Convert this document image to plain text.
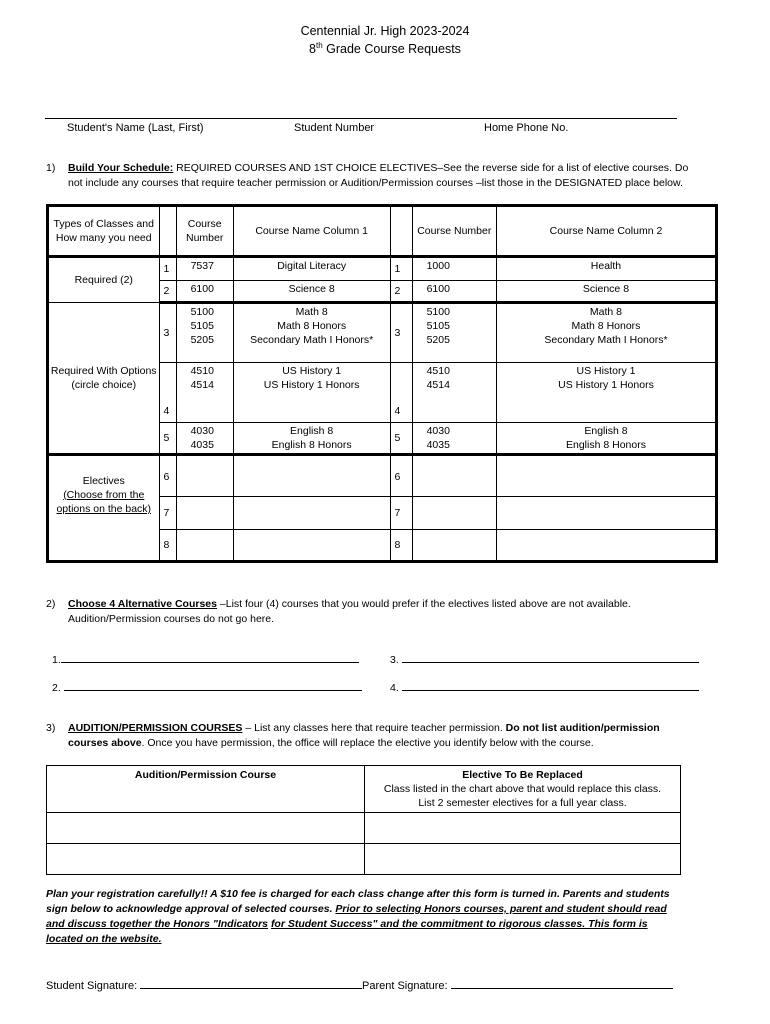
Centennial Jr. High 2023-2024
8th Grade Course Requests
Student's Name (Last, First)	Student Number	Home Phone No.
1) Build Your Schedule: REQUIRED COURSES AND 1ST CHOICE ELECTIVES–See the reverse side for a list of elective courses. Do
not include any courses that require teacher permission or Audition/Permission courses –list those in the DESIGNATED place below.
Types of Classes and How many you need		Course Number	Course Name Column 1		Course Number	Course Name Column 2
Required (2)	1	7537	Digital Literacy	1	1000	Health
	2	6100	Science 8	2	6100	Science 8
Required With Options (circle choice)	3	5100
5105
5205	Math 8
Math 8 Honors
Secondary Math I Honors*	3	5100
5105
5205	Math 8
Math 8 Honors
Secondary Math I Honors*
	4	4510
4514	US History 1
US History 1 Honors	4	4510
4514	US History 1
US History 1 Honors
	5	4030
4035	English 8
English 8 Honors	5	4030
4035	English 8
English 8 Honors

Electives
(Choose from the
options on the back)	6			6		
	7			7		
	8			8		
2) Choose 4 Alternative Courses –List four (4) courses that you would prefer if the electives listed above are not available.
Audition/Permission courses do not go here.
1.
2.
3.
4.
3) AUDITION/PERMISSION COURSES – List any classes here that require teacher permission. Do not list audition/permission
courses above. Once you have permission, the office will replace the elective you identify below with the course.
Audition/Permission Course	Elective To Be Replaced
Class listed in the chart above that would replace this class.
List 2 semester electives for a full year class.

Plan your registration carefully!! A $10 fee is charged for each class change after this form is turned in. Parents and students sign below to acknowledge approval of selected courses. Prior to selecting Honors courses, parent and student should read and discuss together the Honors "Indicators for Student Success" and the commitment to rigorous classes. This form is located on the website.
Student Signature:	Parent Signature:
